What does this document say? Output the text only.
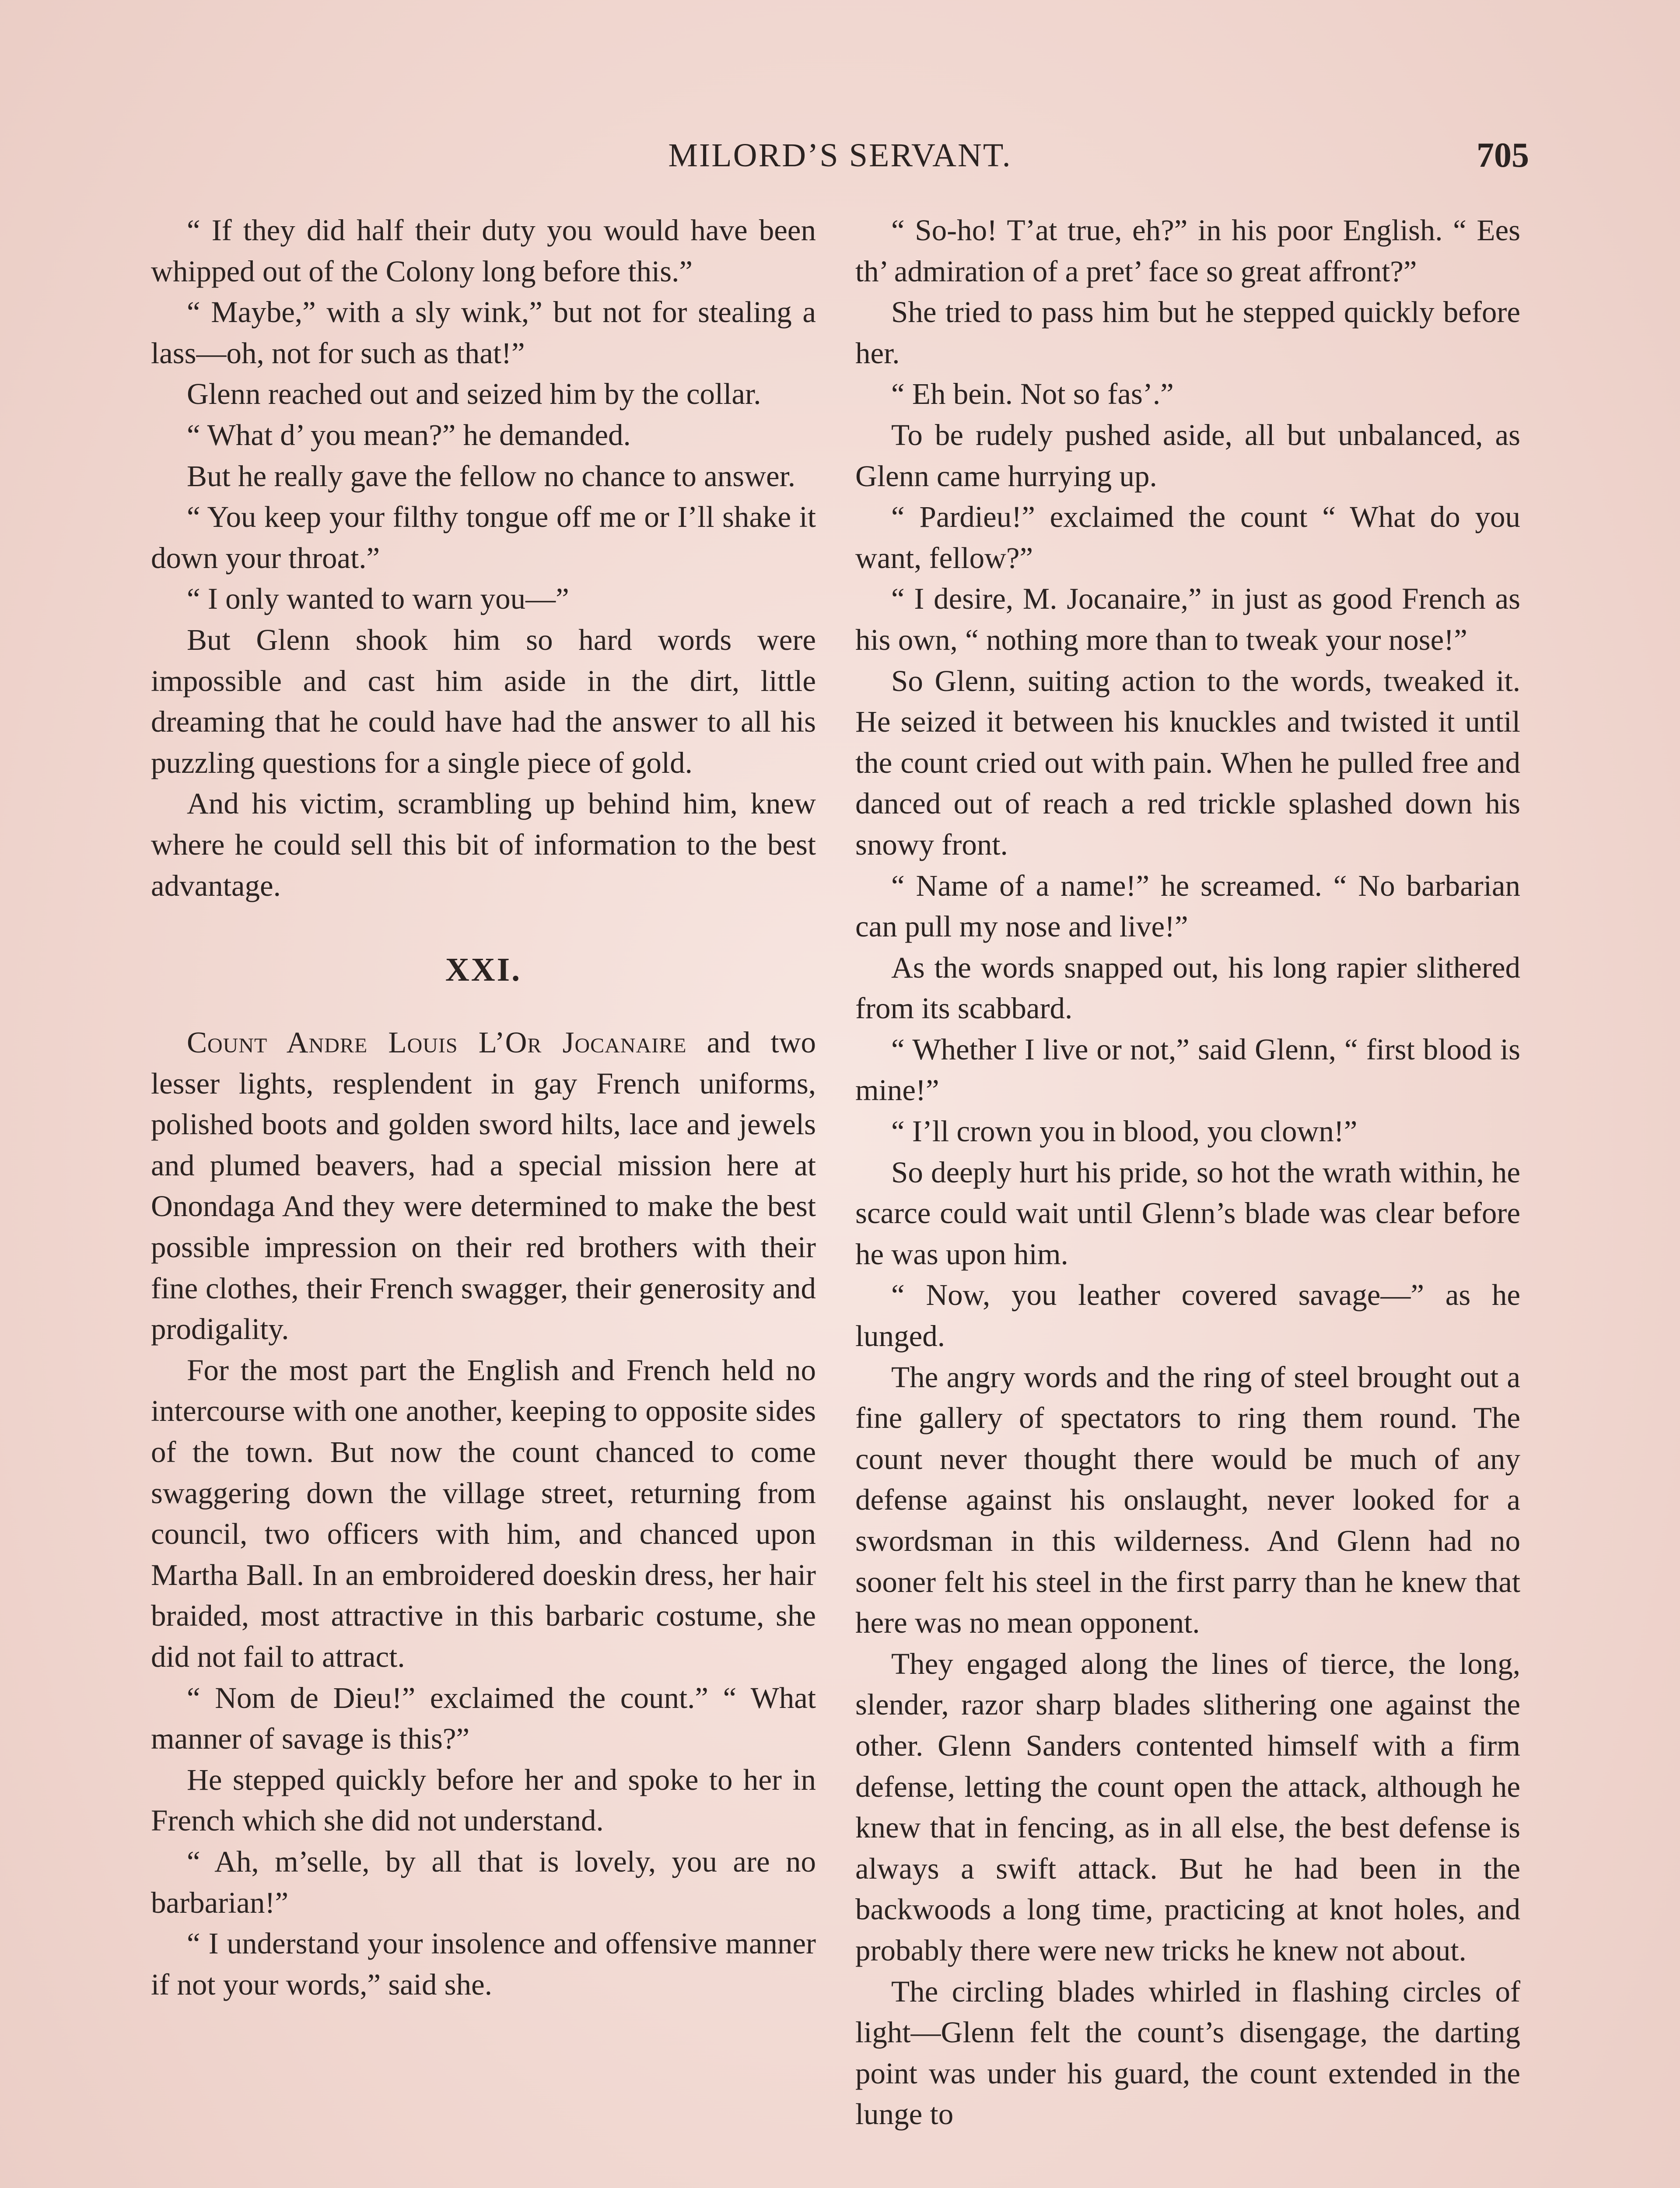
MILORD’S SERVANT.	705

“ If they did half their duty you would have been whipped out of the Colony long before this.”

“ Maybe,” with a sly wink,” but not for stealing a lass—oh, not for such as that!”

Glenn reached out and seized him by the collar.

“ What d’ you mean?” he demanded.

But he really gave the fellow no chance to answer.

“ You keep your filthy tongue off me or I’ll shake it down your throat.”

“ I only wanted to warn you—”

But Glenn shook him so hard words were impossible and cast him aside in the dirt, little dreaming that he could have had the answer to all his puzzling questions for a single piece of gold.

And his victim, scrambling up behind him, knew where he could sell this bit of information to the best advantage.

XXI.

Count Andre Louis L’Or Jocanaire and two lesser lights, resplendent in gay French uniforms, polished boots and golden sword hilts, lace and jewels and plumed beavers, had a special mission here at Onondaga And they were determined to make the best possible impression on their red brothers with their fine clothes, their French swagger, their generosity and prodigality.

For the most part the English and French held no intercourse with one another, keeping to opposite sides of the town. But now the count chanced to come swaggering down the village street, returning from council, two officers with him, and chanced upon Martha Ball. In an embroidered doeskin dress, her hair braided, most attractive in this barbaric costume, she did not fail to attract.

“ Nom de Dieu!” exclaimed the count.” “ What manner of savage is this?”

He stepped quickly before her and spoke to her in French which she did not understand.

“ Ah, m’selle, by all that is lovely, you are no barbarian!”

“ I understand your insolence and offensive manner if not your words,” said she.

“ So-ho! T’at true, eh?” in his poor English. “ Ees th’ admiration of a pret’ face so great affront?”

She tried to pass him but he stepped quickly before her.

“ Eh bein. Not so fas’.”

To be rudely pushed aside, all but unbalanced, as Glenn came hurrying up.

“ Pardieu!” exclaimed the count “ What do you want, fellow?”

“ I desire, M. Jocanaire,” in just as good French as his own, “ nothing more than to tweak your nose!”

So Glenn, suiting action to the words, tweaked it. He seized it between his knuckles and twisted it until the count cried out with pain. When he pulled free and danced out of reach a red trickle splashed down his snowy front.

“ Name of a name!” he screamed. “ No barbarian can pull my nose and live!”

As the words snapped out, his long rapier slithered from its scabbard.

“ Whether I live or not,” said Glenn, “ first blood is mine!”

“ I’ll crown you in blood, you clown!”

So deeply hurt his pride, so hot the wrath within, he scarce could wait until Glenn’s blade was clear before he was upon him.

“ Now, you leather covered savage—” as he lunged.

The angry words and the ring of steel brought out a fine gallery of spectators to ring them round. The count never thought there would be much of any defense against his onslaught, never looked for a swordsman in this wilderness. And Glenn had no sooner felt his steel in the first parry than he knew that here was no mean opponent.

They engaged along the lines of tierce, the long, slender, razor sharp blades slithering one against the other. Glenn Sanders contented himself with a firm defense, letting the count open the attack, although he knew that in fencing, as in all else, the best defense is always a swift attack. But he had been in the backwoods a long time, practicing at knot holes, and probably there were new tricks he knew not about.

The circling blades whirled in flashing circles of light—Glenn felt the count’s disengage, the darting point was under his guard, the count extended in the lunge to
